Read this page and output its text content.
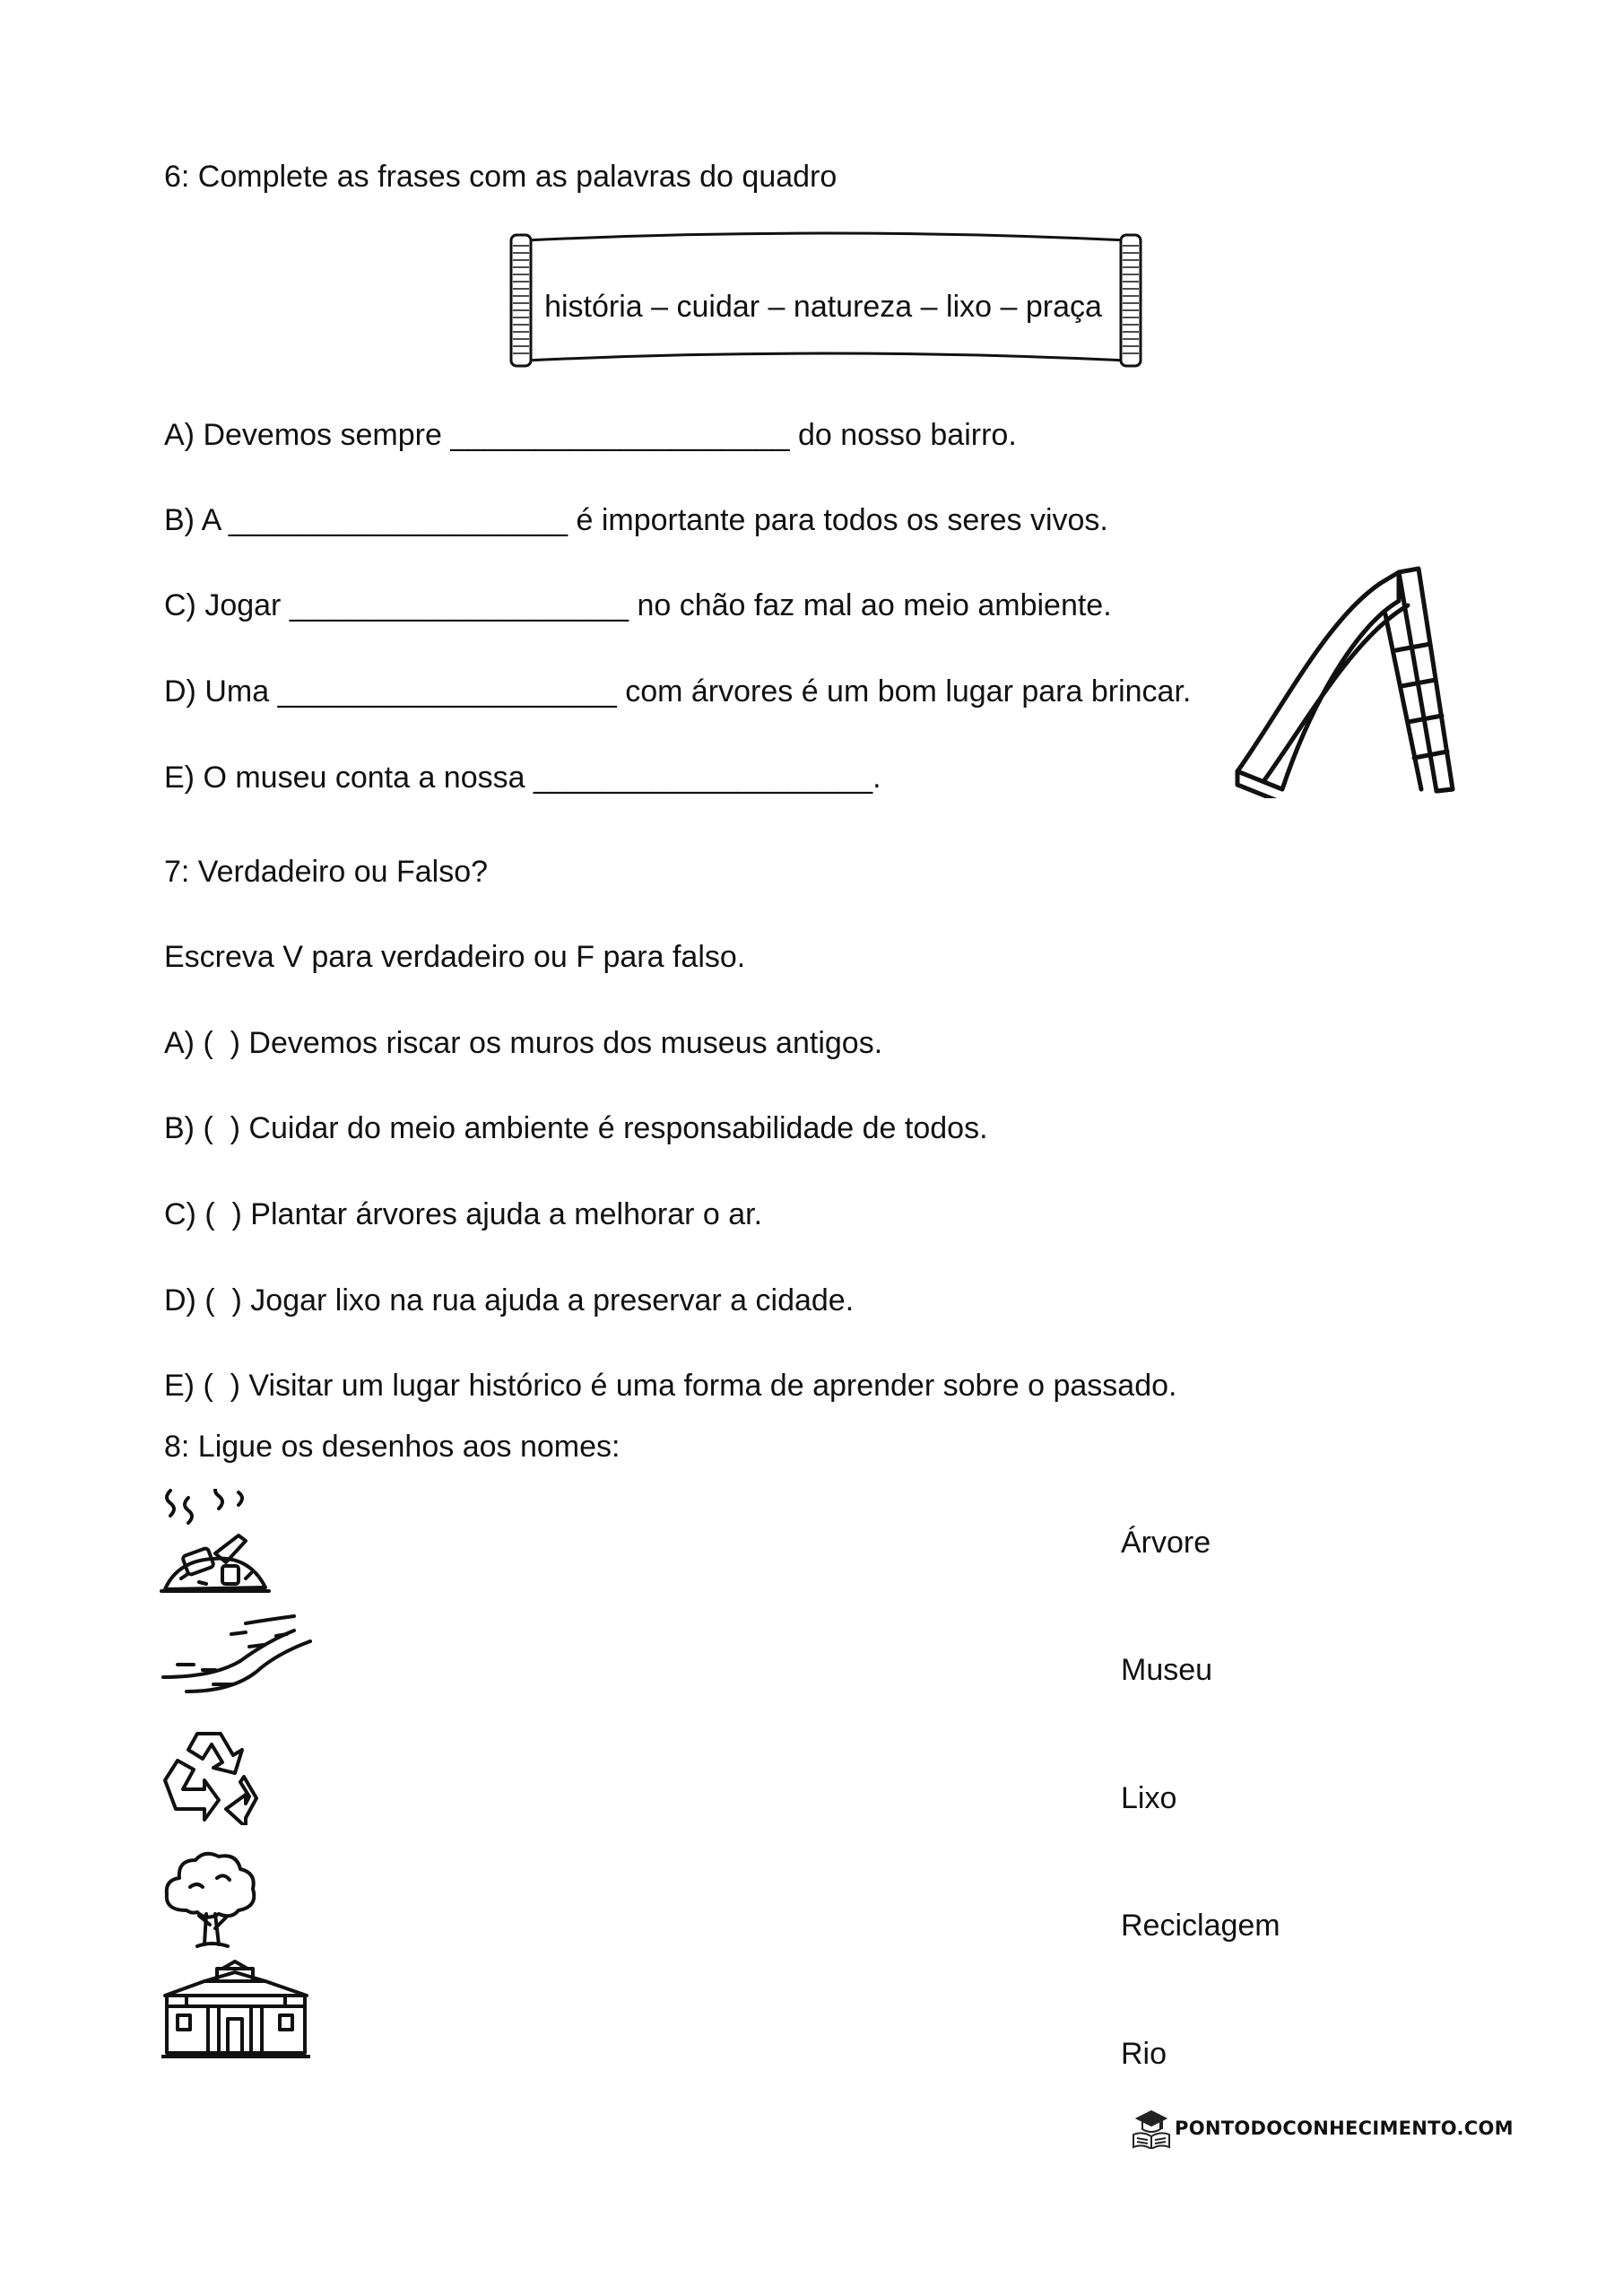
6: Complete as frases com as palavras do quadro
história – cuidar – natureza – lixo – praça
A) Devemos sempre ____________________ do nosso bairro.
B) A ____________________ é importante para todos os seres vivos.
C) Jogar ____________________ no chão faz mal ao meio ambiente.
D) Uma ____________________ com árvores é um bom lugar para brincar.
E) O museu conta a nossa ____________________.
7: Verdadeiro ou Falso?
Escreva V para verdadeiro ou F para falso.
A) (  ) Devemos riscar os muros dos museus antigos.
B) (  ) Cuidar do meio ambiente é responsabilidade de todos.
C) (  ) Plantar árvores ajuda a melhorar o ar.
D) (  ) Jogar lixo na rua ajuda a preservar a cidade.
E) (  ) Visitar um lugar histórico é uma forma de aprender sobre o passado.
8: Ligue os desenhos aos nomes:
Árvore
Museu
Lixo
Reciclagem
Rio
PONTODOCONHECIMENTO.COM
